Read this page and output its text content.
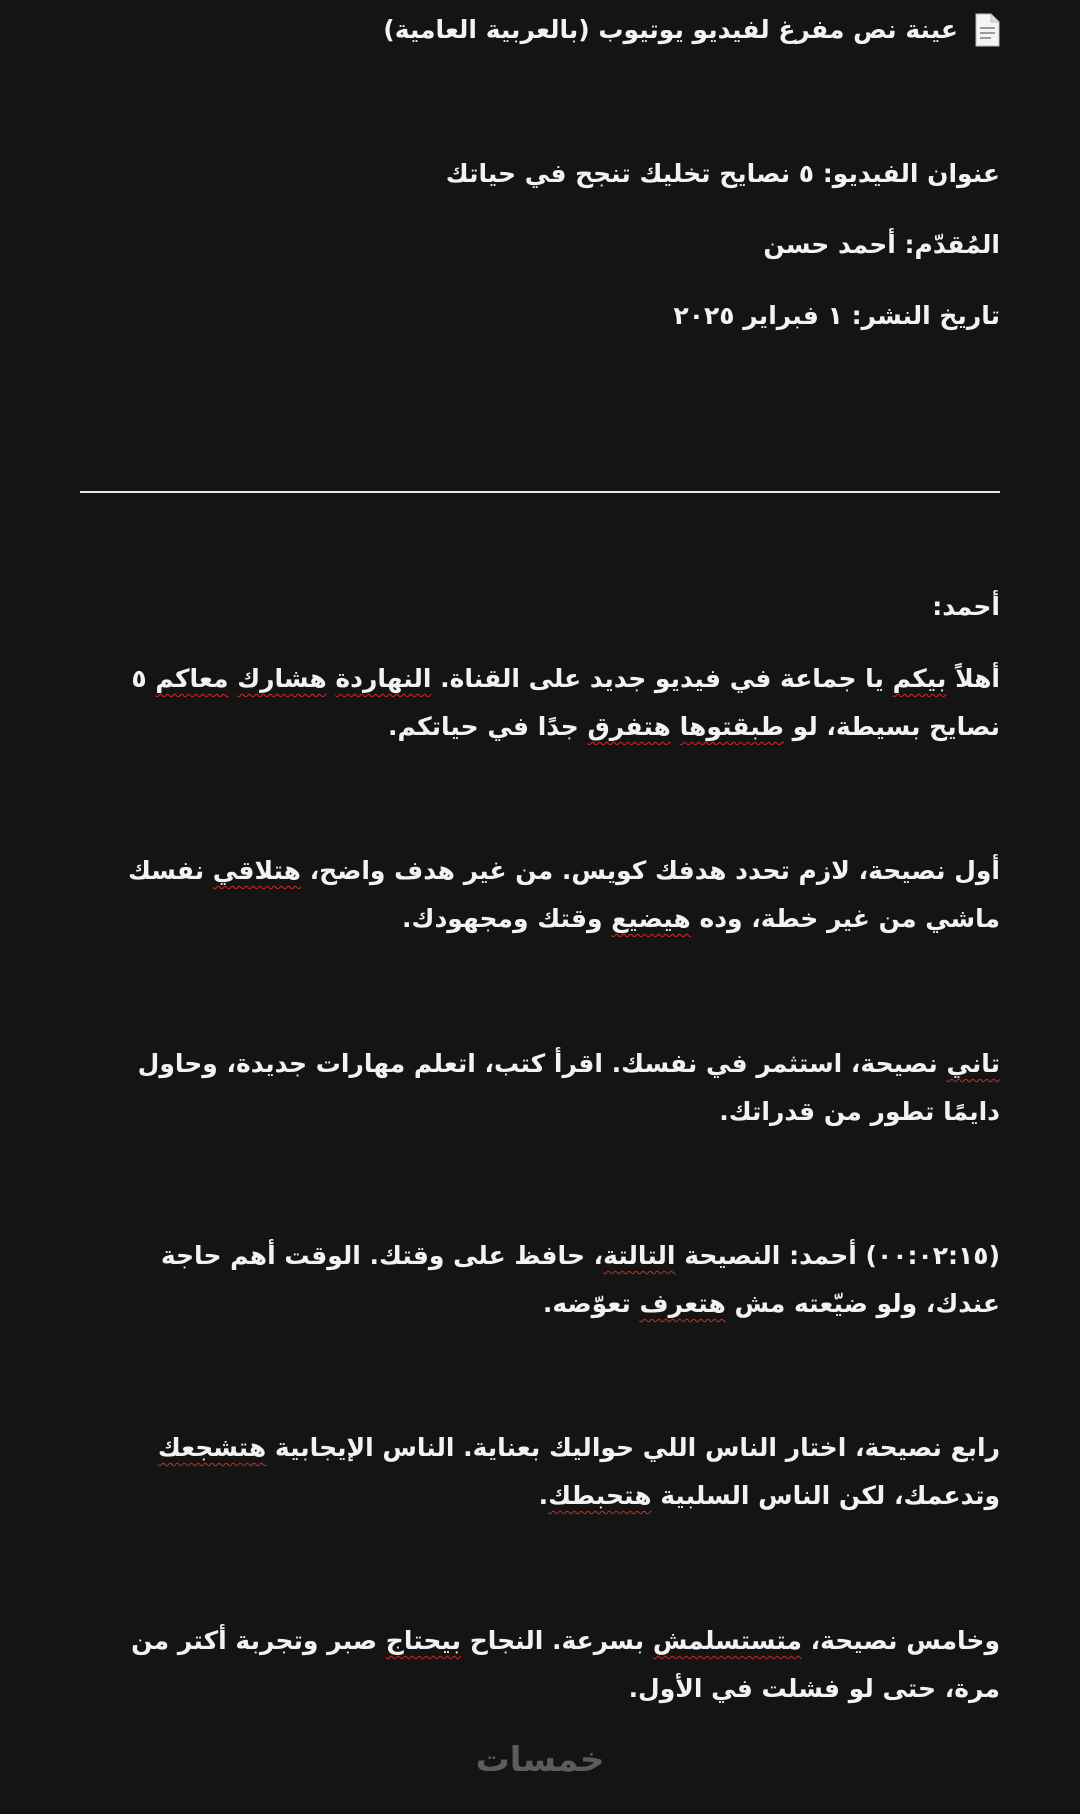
عينة نص مفرغ لفيديو يوتيوب (بالعربية العامية)
عنوان الفيديو: ٥ نصايح تخليك تنجح في حياتك
المُقدّم: أحمد حسن
تاريخ النشر: ١ فبراير ٢٠٢٥
أحمد:
أهلاً بيكم يا جماعة في فيديو جديد على القناة. النهاردة هشارك معاكم ٥ نصايح بسيطة، لو طبقتوها هتفرق جدًا في حياتكم.
أول نصيحة، لازم تحدد هدفك كويس. من غير هدف واضح، هتلاقي نفسك ماشي من غير خطة، وده هيضيع وقتك ومجهودك.
تاني نصيحة، استثمر في نفسك. اقرأ كتب، اتعلم مهارات جديدة، وحاول دايمًا تطور من قدراتك.
(٠٠:٠٢:١٥) أحمد: النصيحة التالتة، حافظ على وقتك. الوقت أهم حاجة عندك، ولو ضيّعته مش هتعرف تعوّضه.
رابع نصيحة، اختار الناس اللي حواليك بعناية. الناس الإيجابية هتشجعك وتدعمك، لكن الناس السلبية هتحبطك.
وخامس نصيحة، متستسلمش بسرعة. النجاح بيحتاج صبر وتجربة أكتر من مرة، حتى لو فشلت في الأول.
خمسات
